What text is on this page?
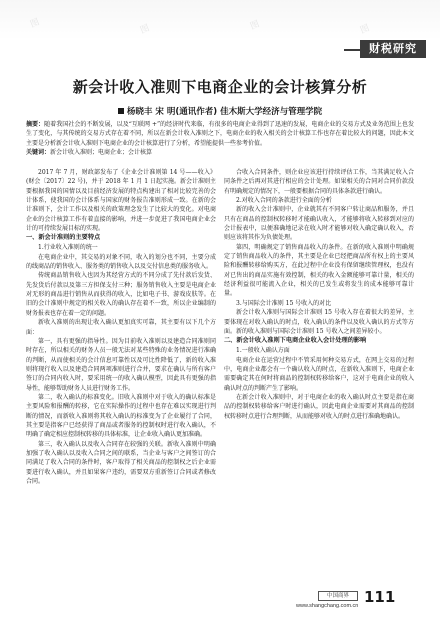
图	图	图	图
财税研究
新会计收入准则下电商企业的会计核算分析
杨晓丰 宋 明(通讯作者) 佳木斯大学经济与管理学院
摘要：随着我国社会的不断发展，以及“互联网 +”的经济时代来临，有很多的电商企业得到了迅速的发展，电商企业的交易方式及业务范围上也发生了变化，与其传统的交易方式存在着不同，所以在新会计收入准则之下，电商企业的收入相关的会计核算工作也存在着比较大的问题，因此本文主要是分析新会计收入准则下电商企业的会计核算进行了分析，希望能提供一些参考价值。
关键词：新会计收入准则；电商企业；会计核算

2017 年 7 月，财政部发布了《企业会计准则第 14 号——收入》(财会〔2017〕22 号)，并于 2018 年 1 月 1 日起实施。新会计准则主要根据我国的国情以及目前经济发展的特点构建出了相对比较完善的会计体系，使我国的会计体系与国家的财务报告准则形成一致。在新的会计准则下，会计工作以及相关的政策理念发生了比较大的变化。对电商企业的会计核算工作有着直接的影响，并进一步促进了我国电商企业会计的可持续发展目标的实现。

一、新会计准则的主要特点
1.行业收入准则的统一

在电商企业中，其交易的对象不同，收入的划分也不同，主要分成的线商品的销售收入、服务类的销售收入以及交付信息类的服务收入。

传统商品销售收入也因为其经营方式的不同分成了先付款后发货、先发货后付款以及第三方担保支付三种；服务销售收入主要是电商企业对无形的商品进行销售从而获得的收入，比如电子书、游戏皮肤等。在旧的会计准则中规定的相关收入的确认存在着不一致，所以企业编制的财务报表也存在着一定的问题。

新收入准则的出现让收入确认更加真实可靠，其主要有以下几个方面：

第一，具有更强的指导性。因为目前收入准则以及建造合同准则同时存在，所以相关的财务人员一般无法对某些特殊的业务情况进行准确的判断，从而使相关的会计信息可靠性以及可比性降低了，新的收入准则将现行收入以及建造合同两项准则进行合并，要求在确认与所有客户签订的合同内收入时，要采用统一的收入确认模型，因此具有更强的指导性，能够帮助财务人员进行财务工作。

第二，收入确认的标准变化。旧收入准则中对于收入的确认标准是主要风险和报酬的转移，它在实际操作的过程中也存在难以实现进行判断的情况，而新收入准则将其收入确认的标准变为了企业履行了合同，其主要是指客户已经获得了商品或者服务的控制权时进行收入确认，不明确了确定相应控制权转移的具体标准，让企业收入确认更加准确。

第三，收入确认以及收入合同存在较强的关联。新收入准则中明确加强了收入确认以及收入合同之间的联系，当企业与客户之间签订的合同满足了收入合同的条件时，客户取得了相关商品的控制权之后企业需要进行收入确认，并且如果客户违约，需要双方重新签订合同或者修改合同。

合收入合同条件，则企业应该进行持续评估工作，当其满足收入合同条件之后再对其进行相应的会计处理。如果相关的合同对合同价款没有明确规定的情况下，一般要根据合同的具体条款进行确认。

2.对收入合同的条款进行全面的分析

新的收入会计准则中，企业就其有不同客户转让商品和服务，并且只有在商品的控制权转移时才能确认收入，才能够将收入转移到对应的会计报表中，以便准确地记录在收入时才能够对收入确定确认收入，否则应该将其作为负债处理。

第四，明确规定了销售商品收入的条件。在新的收入准则中明确规定了销售商品收入的条件，其主要是企业已经把商品所有权上的主要风险和报酬转移给购买方，在此过程中企业没有保留继续管理权，也没有对已售出的商品实施有效控制，相关的收入金额能够可靠计量，相关的经济利益很可能流入企业，相关的已发生或将发生的成本能够可靠计量。

3.与国际会计准则 15 号收入的对比

新会计收入准则与国际会计准则 15 号收入存在着很大的差异，主要体现在对收入确认的时点，收入确认的条件以及收入确认的方式等方面。新的收入准则与国际会计准则 15 号收入之间差异较小。

二、新会计收入准则下电商企业收入会计处理的影响
1.一般收入确认方面

电商企业在运营过程中不管采用何种交易方式，在网上交易的过程中，电商企业都会有一个确认收入的时点，在新收入准则下，电商企业需要确定其在何时将商品的控制权转移给客户，这对于电商企业的收入确认时点的判断产生了影响。

在新会计收入准则中，对于电商企业的收入确认时点主要是指在商品的控制权转移给客户时进行确认，因此电商企业需要对其商品的控制权转移时点进行合理判断，从而能够对收入的时点进行准确地确认。

111
中国商界
www.shangchang.com.cn
